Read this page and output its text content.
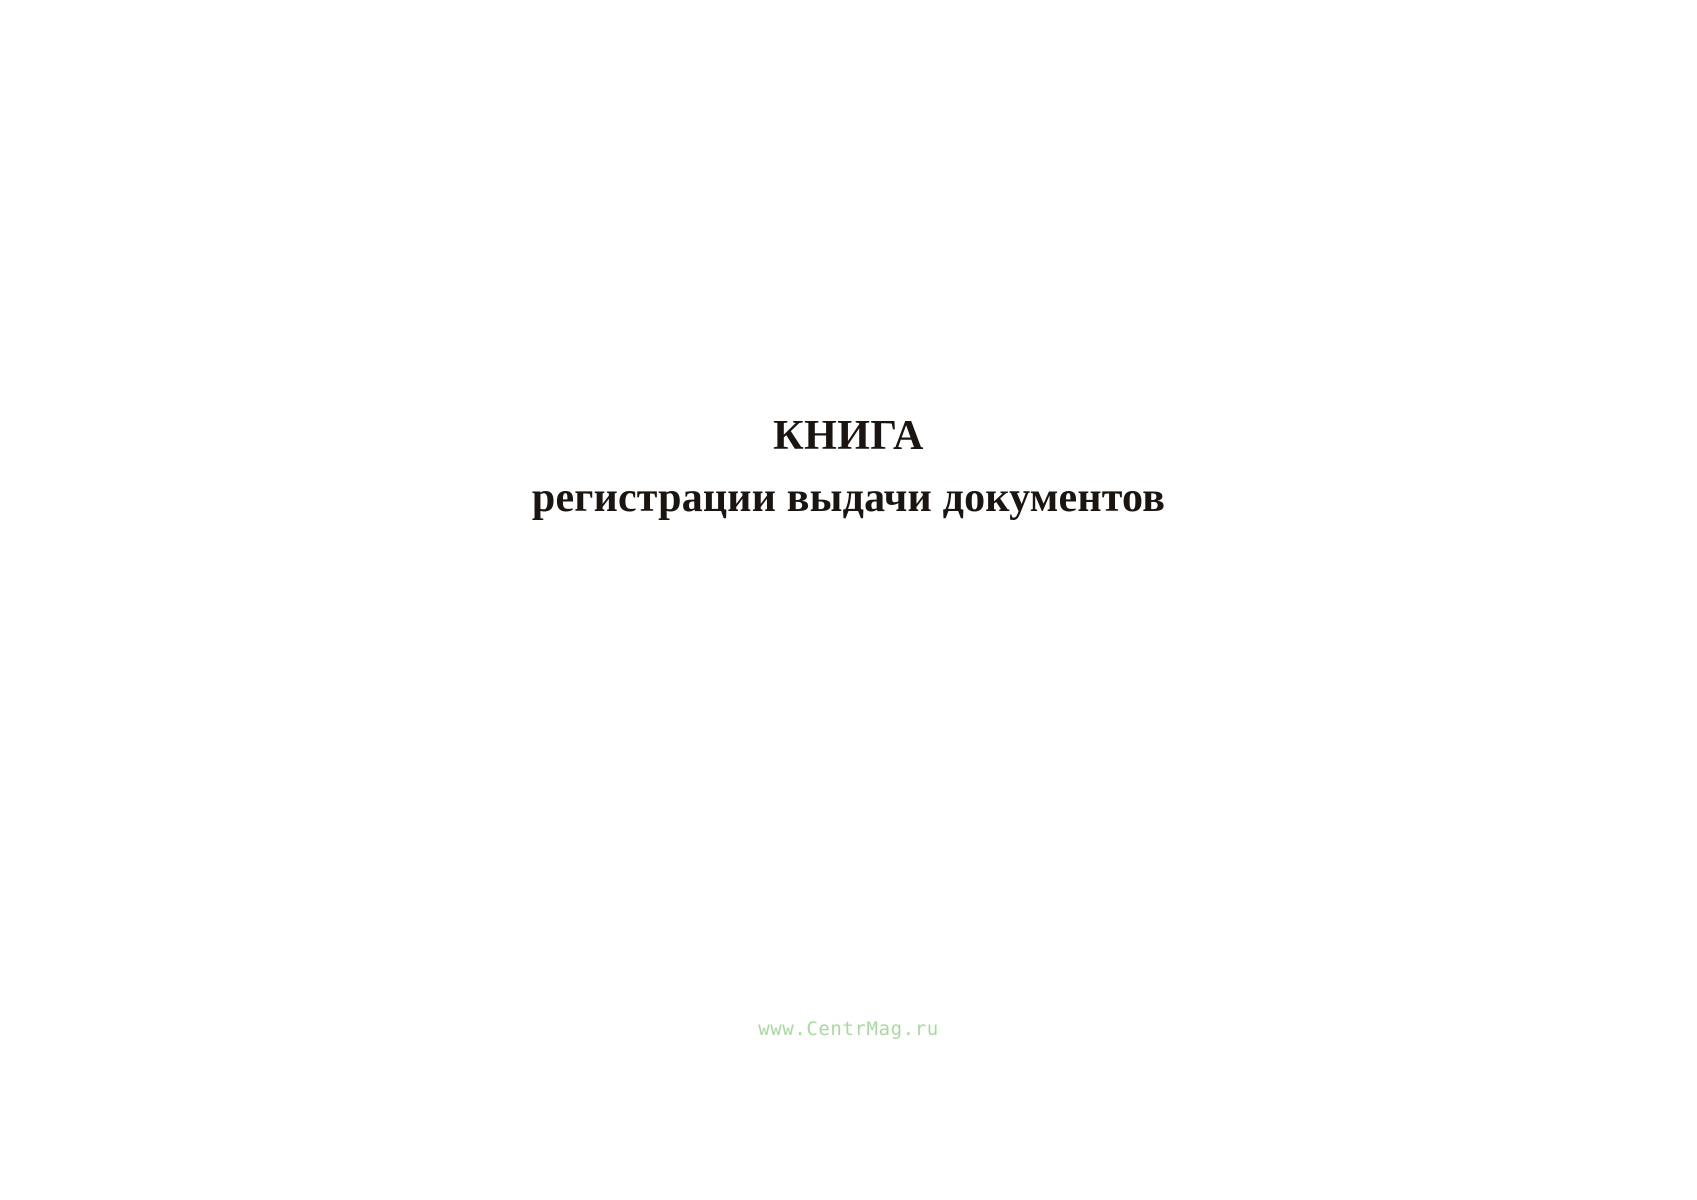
КНИГА
регистрации выдачи документов
www.CentrMag.ru
